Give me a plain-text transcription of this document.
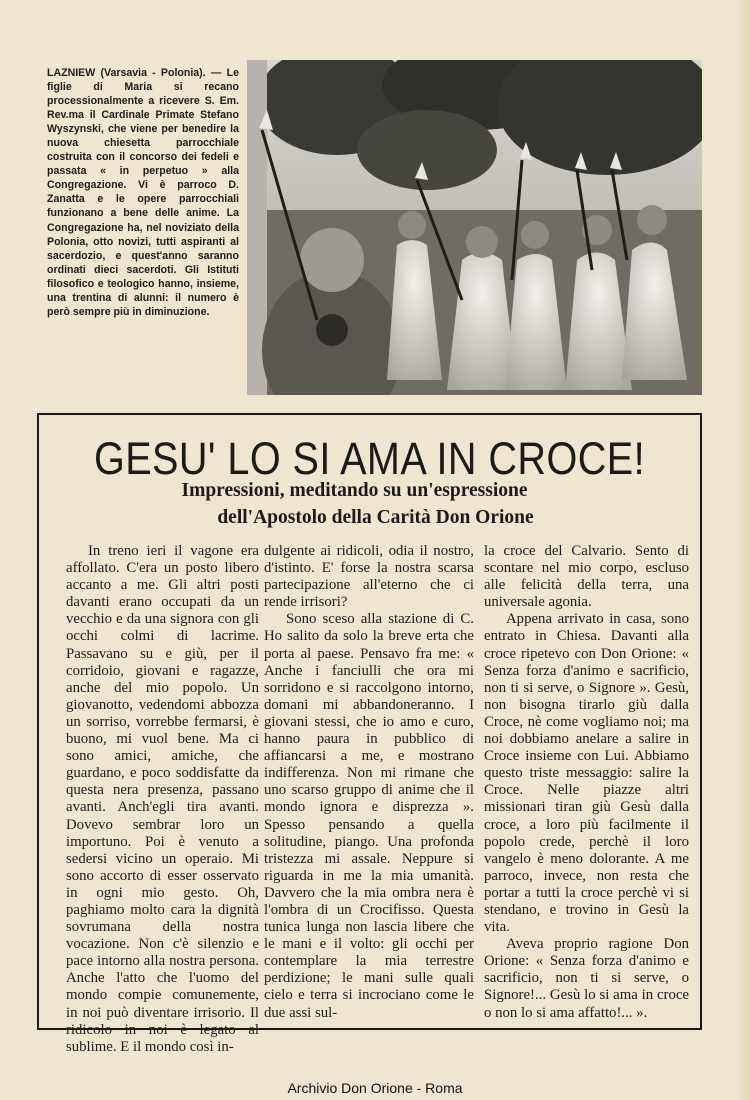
LAZNIEW (Varsavia - Polonia). — Le figlie di Maria si recano processionalmente a ricevere S. Em. Rev.ma il Cardinale Primate Stefano Wyszynski, che viene per benedire la nuova chiesetta parrocchiale costruita con il concorso dei fedeli e passata « in perpetuo » alla Congregazione. Vi è parroco D. Zanatta e le opere parrocchiali funzionano a bene delle anime. La Congregazione ha, nel noviziato della Polonia, otto novizi, tutti aspiranti al sacerdozio, e quest'anno saranno ordinati dieci sacerdoti. Gli Istituti filosofico e teologico hanno, insieme, una trentina di alunni: il numero è però sempre più in diminuzione.
GESU' LO SI AMA IN CROCE!
Impressioni, meditando su un'espressione
dell'Apostolo della Carità Don Orione

In treno ieri il vagone era affollato. C'era un posto libero accanto a me. Gli altri posti davanti erano occupati da un vecchio e da una signora con gli occhi colmi di lacrime. Passavano su e giù, per il corridoio, giovani e ragazze, anche del mio popolo. Un giovanotto, vedendomi abbozza un sorriso, vorrebbe fermarsi, è buono, mi vuol bene. Ma ci sono amici, amiche, che guardano, e poco soddisfatte da questa nera presenza, passano avanti. Anch'egli tira avanti. Dovevo sembrar loro un importuno. Poi è venuto a sedersi vicino un operaio. Mi sono accorto di esser osservato in ogni mio gesto. Oh, paghiamo molto cara la dignità sovrumana della nostra vocazione. Non c'è silenzio e pace intorno alla nostra persona. Anche l'atto che l'uomo del mondo compie comunemente, in noi può diventare irrisorio. Il ridicolo in noi è legato al sublime. E il mondo così in-

dulgente ai ridicoli, odia il nostro, d'istinto. E' forse la nostra scarsa partecipazione all'eterno che ci rende irrisori?

Sono sceso alla stazione di C. Ho salito da solo la breve erta che porta al paese. Pensavo fra me: « Anche i fanciulli che ora mi sorridono e si raccolgono intorno, domani mi abbandoneranno. I giovani stessi, che io amo e curo, hanno paura in pubblico di affiancarsi a me, e mostrano indifferenza. Non mi rimane che uno scarso gruppo di anime che il mondo ignora e disprezza ». Spesso pensando a quella solitudine, piango. Una profonda tristezza mi assale. Neppure si riguarda in me la mia umanità. Davvero che la mia ombra nera è l'ombra di un Crocifisso. Questa tunica lunga non lascia libere che le mani e il volto: gli occhi per contemplare la mia terrestre perdizione; le mani sulle quali cielo e terra si incrociano come le due assi sul-

la croce del Calvario. Sento di scontare nel mio corpo, escluso alle felicità della terra, una universale agonia.

Appena arrivato in casa, sono entrato in Chiesa. Davanti alla croce ripetevo con Don Orione: « Senza forza d'animo e sacrificio, non ti si serve, o Signore ». Gesù, non bisogna tirarlo giù dalla Croce, nè come vogliamo noi; ma noi dobbiamo anelare a salire in Croce insieme con Lui. Abbiamo questo triste messaggio: salire la Croce. Nelle piazze altri missionari tiran giù Gesù dalla croce, a loro più facilmente il popolo crede, perchè il loro vangelo è meno dolorante. A me parroco, invece, non resta che portar a tutti la croce perchè vi si stendano, e trovino in Gesù la vita.

Aveva proprio ragione Don Orione: « Senza forza d'animo e sacrificio, non ti si serve, o Signore!... Gesù lo si ama in croce o non lo si ama affatto!... ».

Archivio Don Orione - Roma
